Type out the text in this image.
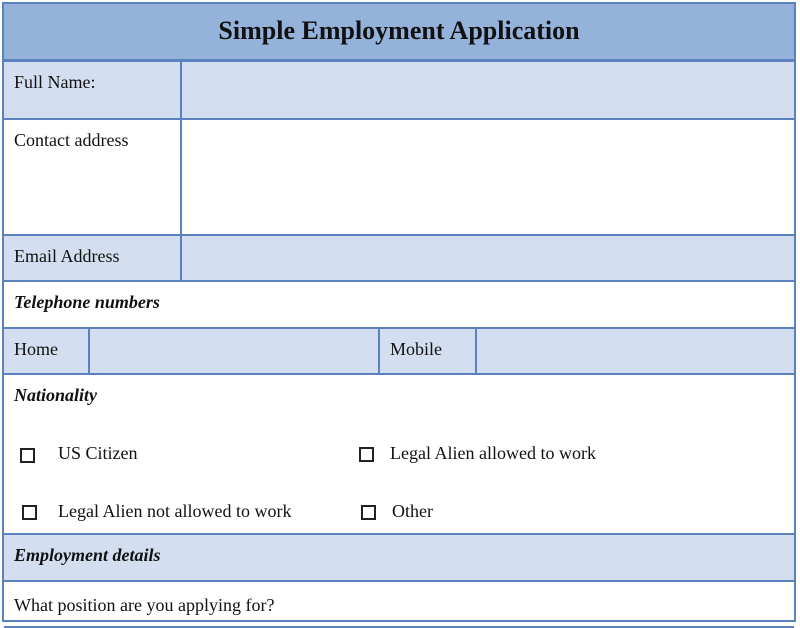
Simple Employment Application
Full Name:
Contact address
Email Address
Telephone numbers
Home	Mobile
Nationality
US Citizen	Legal Alien allowed to work
Legal Alien not allowed to work	Other
Employment details
What position are you applying for?
